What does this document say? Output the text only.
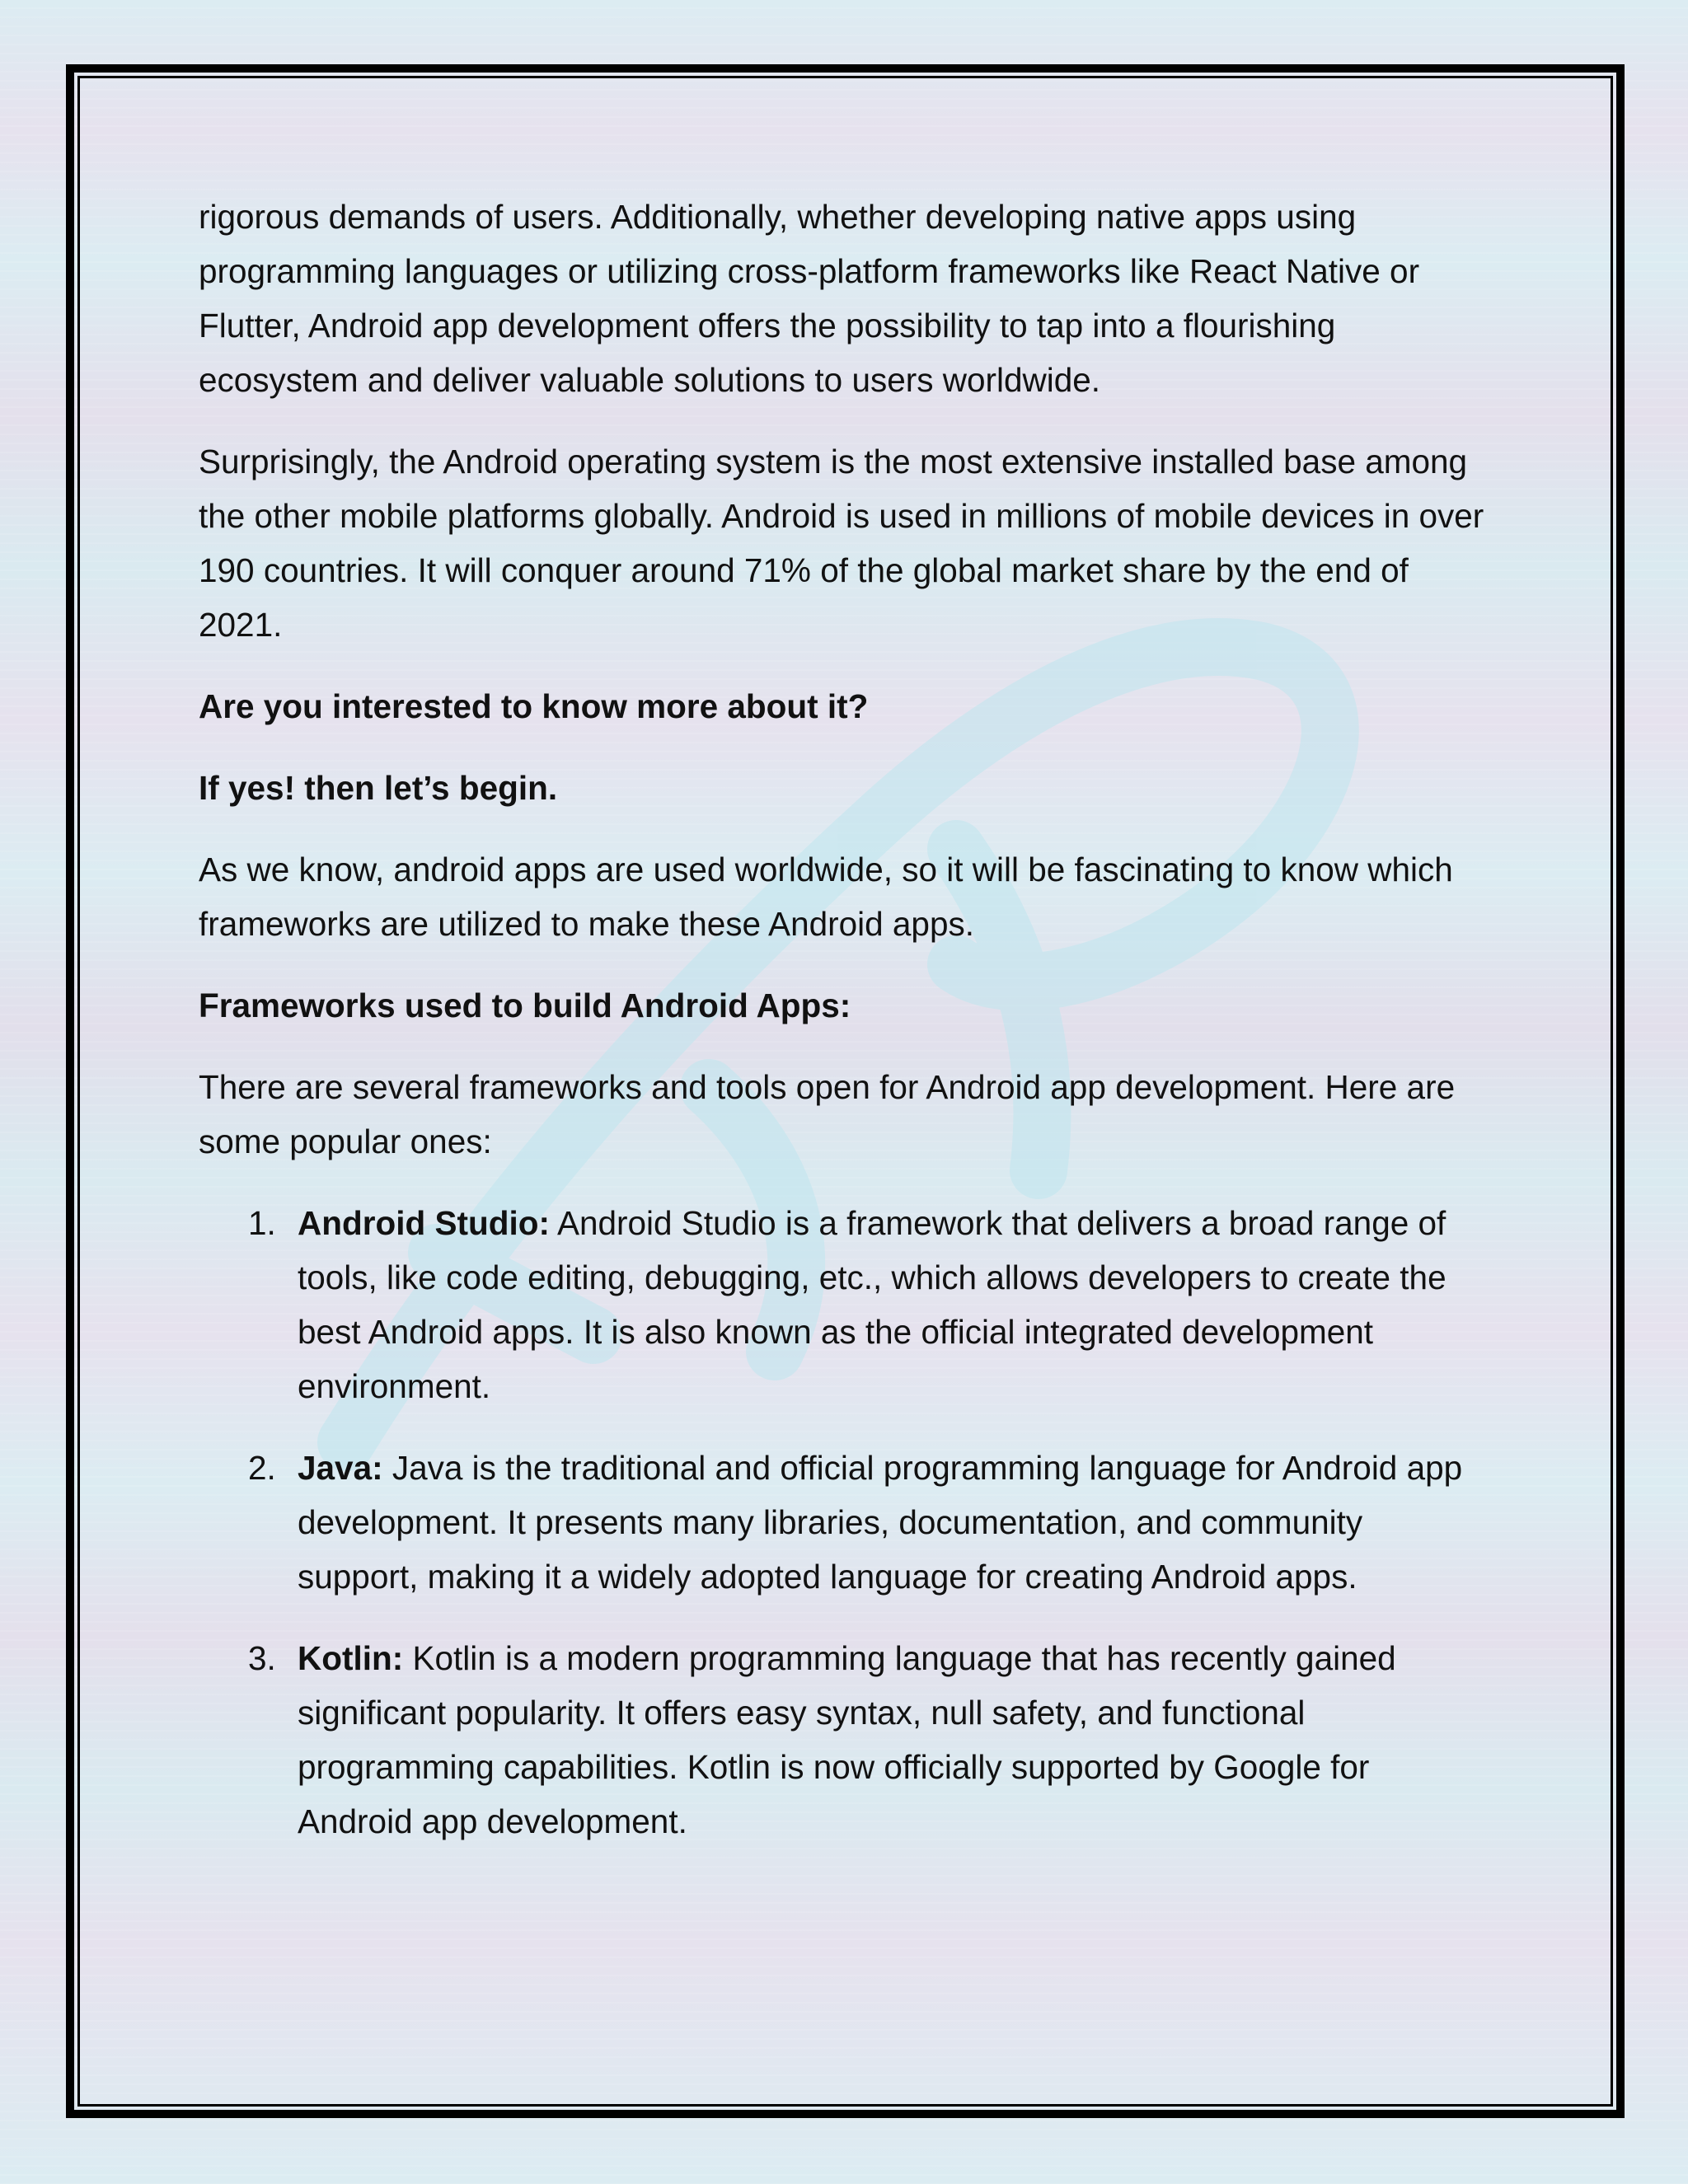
rigorous demands of users. Additionally, whether developing native apps using programming languages or utilizing cross-platform frameworks like React Native or Flutter, Android app development offers the possibility to tap into a flourishing ecosystem and deliver valuable solutions to users worldwide.

Surprisingly, the Android operating system is the most extensive installed base among the other mobile platforms globally. Android is used in millions of mobile devices in over 190 countries. It will conquer around 71% of the global market share by the end of 2021.

Are you interested to know more about it?

If yes! then let’s begin.

As we know, android apps are used worldwide, so it will be fascinating to know which frameworks are utilized to make these Android apps.

Frameworks used to build Android Apps:

There are several frameworks and tools open for Android app development. Here are some popular ones:

1. Android Studio: Android Studio is a framework that delivers a broad range of tools, like code editing, debugging, etc., which allows developers to create the best Android apps. It is also known as the official integrated development environment.
2. Java: Java is the traditional and official programming language for Android app development. It presents many libraries, documentation, and community support, making it a widely adopted language for creating Android apps.
3. Kotlin: Kotlin is a modern programming language that has recently gained significant popularity. It offers easy syntax, null safety, and functional programming capabilities. Kotlin is now officially supported by Google for Android app development.
